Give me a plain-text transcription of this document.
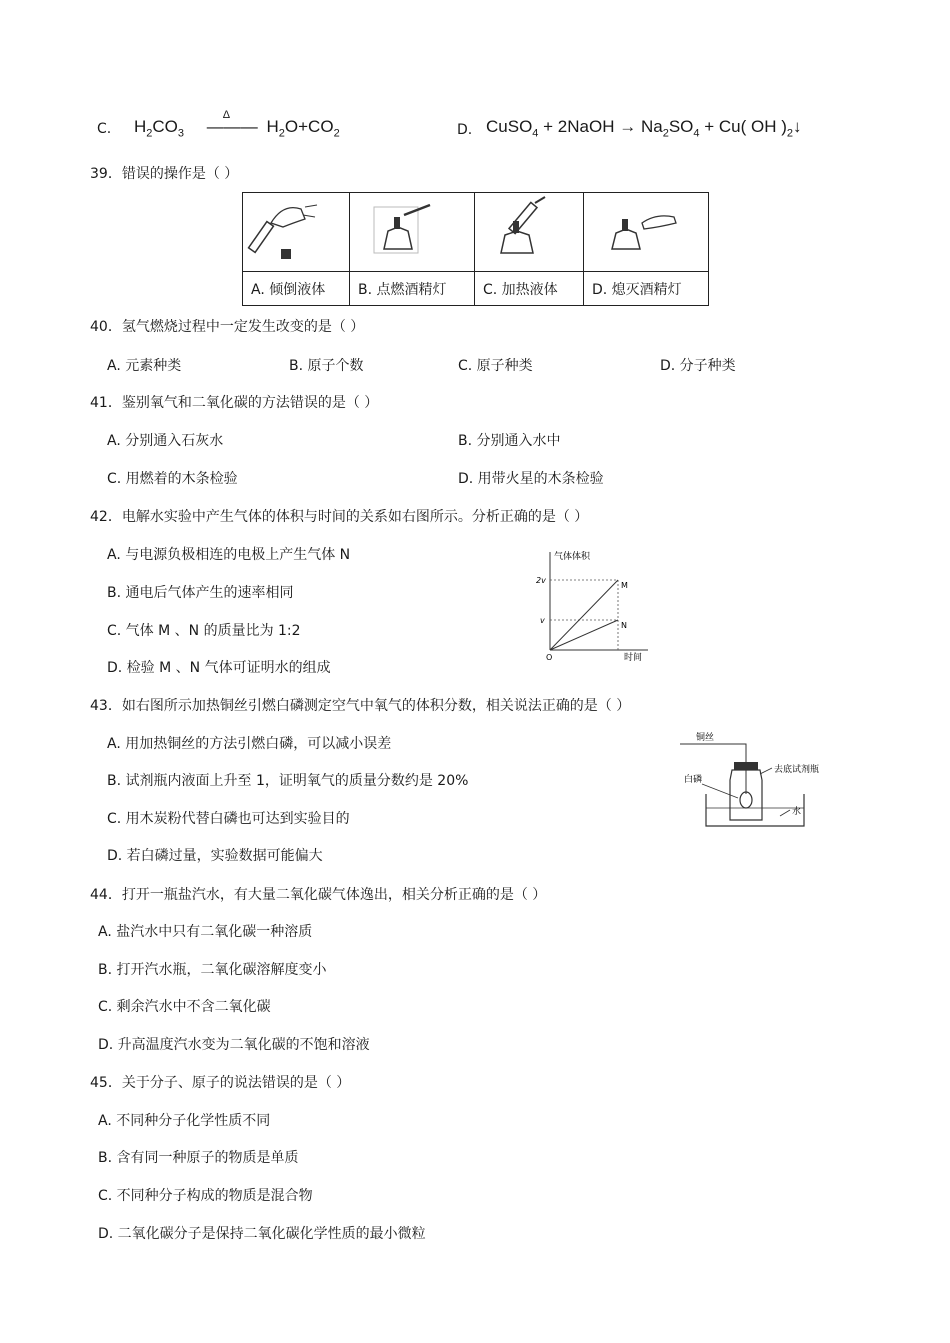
C. $H_2CO_3$
Δ
——— $H_2O+CO_2$	D. CuSO$_4$ + 2NaOH → $Na_2SO_4 + Cu$( OH )$_2↓$
39．错误的操作是（ ）

A. 倾倒液体	B. 点燃酒精灯	C. 加热液体	D. 熄灭酒精灯
40．氢气燃烧过程中一定发生改变的是（ ）
A. 元素种类	B. 原子个数	C. 原子种类	D. 分子种类
41．鉴别氧气和二氧化碳的方法错误的是（ ）
A. 分别通入石灰水	B. 分别通入水中
C. 用燃着的木条检验	D. 用带火星的木条检验
42．电解水实验中产生气体的体积与时间的关系如右图所示。分析正确的是（ ）
A. 与电源负极相连的电极上产生气体 N
B. 通电后气体产生的速率相同
C. 气体 M 、N 的质量比为 1:2
D. 检验 M 、N 气体可证明水的组成
气体体积
时间
2v
v
O
M
N
43．如右图所示加热铜丝引燃白磷测定空气中氧气的体积分数，相关说法正确的是（ ）
A. 用加热铜丝的方法引燃白磷，可以减小误差
B. 试剂瓶内液面上升至 1，证明氧气的质量分数约是 20%
C. 用木炭粉代替白磷也可达到实验目的
D. 若白磷过量，实验数据可能偏大
铜丝
白磷
去底试剂瓶
水
44．打开一瓶盐汽水，有大量二氧化碳气体逸出，相关分析正确的是（ ）
A. 盐汽水中只有二氧化碳一种溶质
B. 打开汽水瓶，二氧化碳溶解度变小
C. 剩余汽水中不含二氧化碳
D. 升高温度汽水变为二氧化碳的不饱和溶液
45．关于分子、原子的说法错误的是（ ）
A. 不同种分子化学性质不同
B. 含有同一种原子的物质是单质
C. 不同种分子构成的物质是混合物
D. 二氧化碳分子是保持二氧化碳化学性质的最小微粒
